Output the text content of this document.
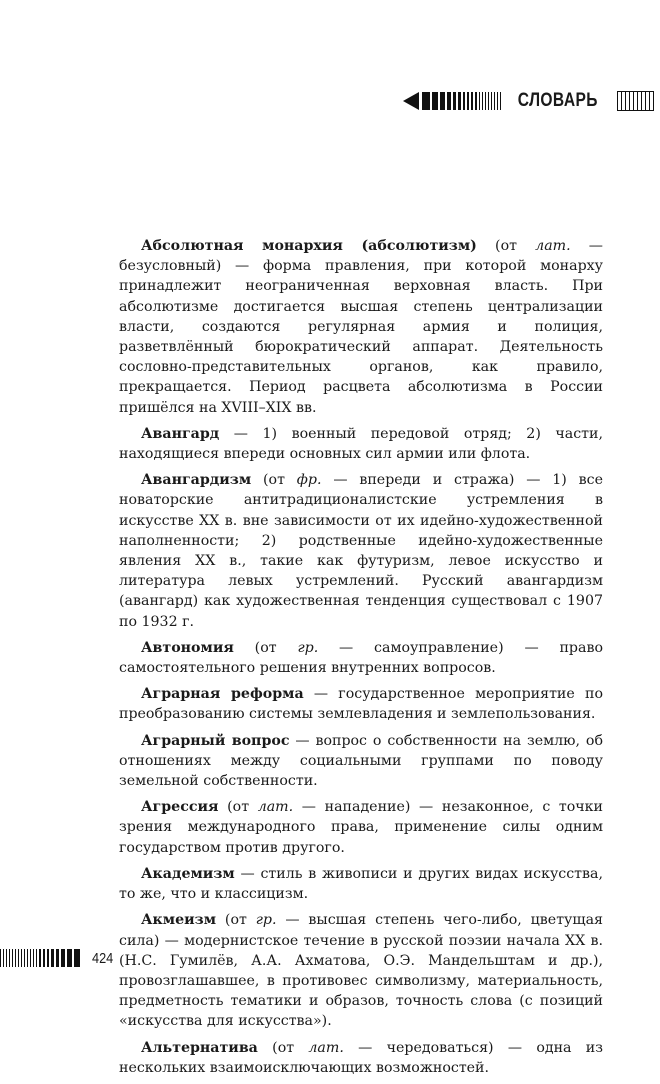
СЛОВАРЬ

Абсолютная монархия (абсолютизм) (от лат. — безусловный) — форма правления, при которой монарху принадлежит неограниченная верховная власть. При абсолютизме достигается высшая степень централизации власти, создаются регулярная армия и полиция, разветвлённый бюрократический аппарат. Деятельность сословно-представительных органов, как правило, прекращается. Период расцвета абсолютизма в России пришёлся на XVIII–XIX вв.

Авангард — 1) военный передовой отряд; 2) части, находящиеся впереди основных сил армии или флота.

Авангардизм (от фр. — впереди и стража) — 1) все новаторские антитрадиционалистские устремления в искусстве XX в. вне зависимости от их идейно-художественной наполненности; 2) родственные идейно-художественные явления XX в., такие как футуризм, левое искусство и литература левых устремлений. Русский авангардизм (авангард) как художественная тенденция существовал с 1907 по 1932 г.

Автономия (от гр. — самоуправление) — право самостоятельного решения внутренних вопросов.

Аграрная реформа — государственное мероприятие по преобразованию системы землевладения и землепользования.

Аграрный вопрос — вопрос о собственности на землю, об отношениях между социальными группами по поводу земельной собственности.

Агрессия (от лат. — нападение) — незаконное, с точки зрения международного права, применение силы одним государством против другого.

Академизм — стиль в живописи и других видах искусства, то же, что и классицизм.

Акмеизм (от гр. — высшая степень чего-либо, цветущая сила) — модернистское течение в русской поэзии начала XX в. (Н.С. Гумилёв, А.А. Ахматова, О.Э. Мандельштам и др.), провозглашавшее, в противовес символизму, материальность, предметность тематики и образов, точность слова (с позиций «искусства для искусства»).

Альтернатива (от лат. — чередоваться) — одна из нескольких взаимоисключающих возможностей.

424
